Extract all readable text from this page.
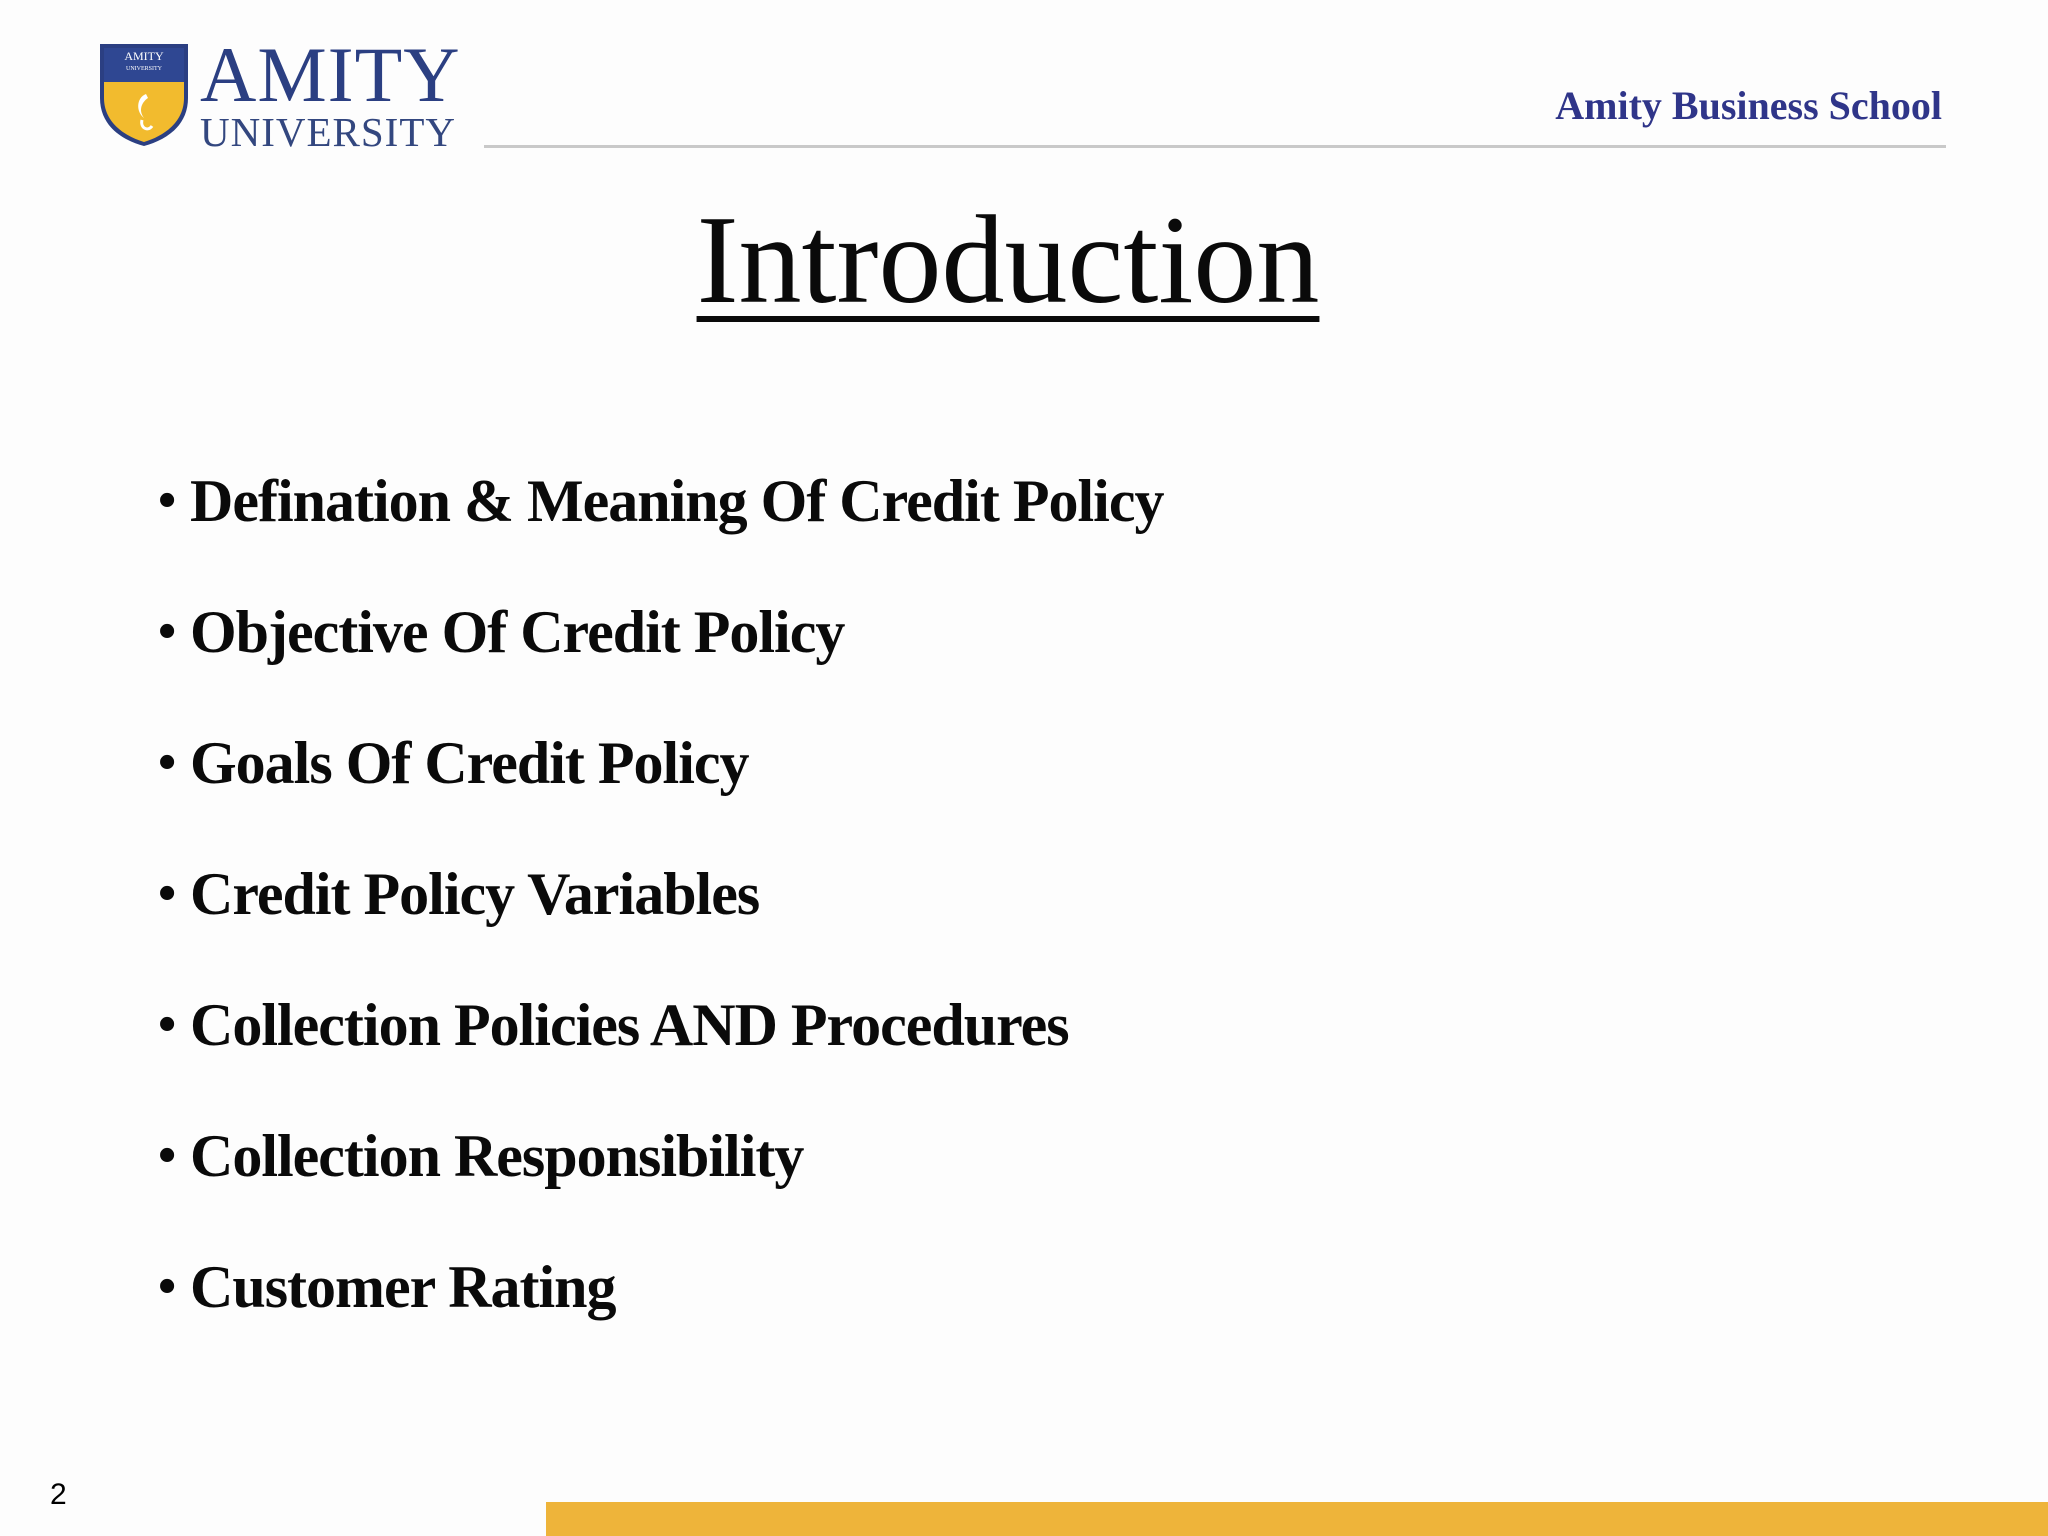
AMITY
UNIVERSITY AMITY
UNIVERSITY
Amity Business School
Introduction
• Defination & Meaning Of Credit Policy
• Objective Of Credit Policy
• Goals Of Credit Policy
• Credit Policy Variables
• Collection Policies AND Procedures
• Collection Responsibility
• Customer Rating
2
